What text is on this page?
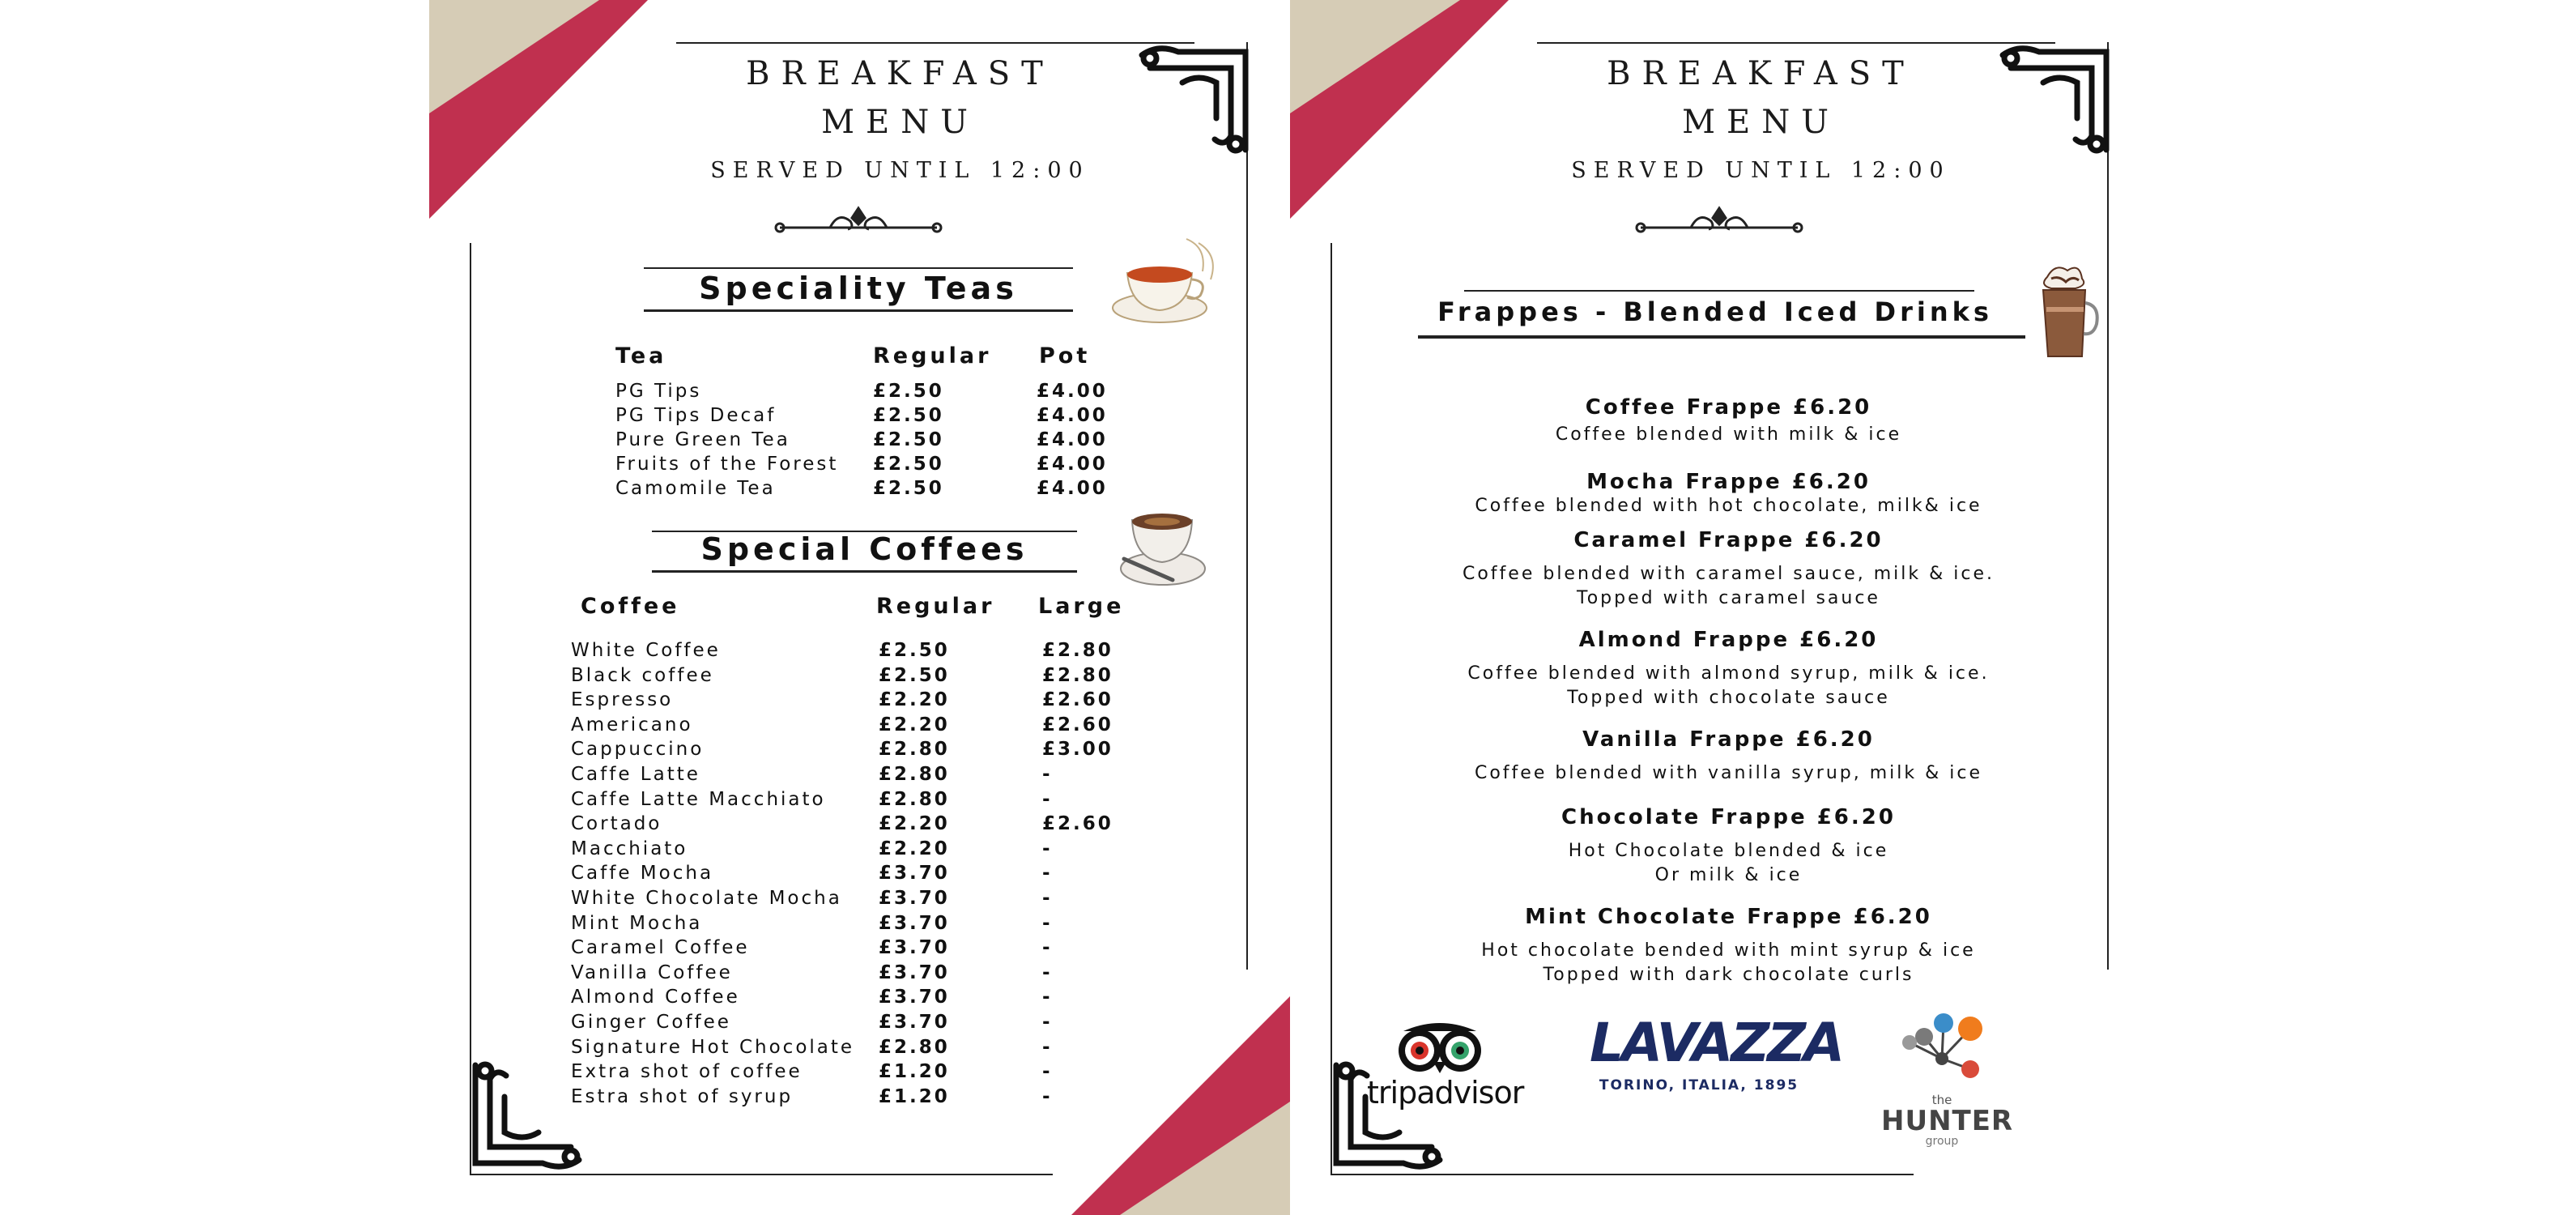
BREAKFAST
MENU
SERVED UNTIL 12:00
Speciality Teas
Tea	Regular Pot
PG Tips	£2.50	£4.00
PG Tips Decaf	£2.50	£4.00
Pure Green Tea	£2.50	£4.00
Fruits of the Forest £2.50	£4.00
Camomile Tea	£2.50	£4.00
Special Coffees
Coffee	Regular Large
White Coffee	£2.50	£2.80
Black coffee	£2.50	£2.80
Espresso	£2.20	£2.60
Americano	£2.20	£2.60
Cappuccino	£2.80	£3.00
Caffe Latte	£2.80	-
Caffe Latte Macchiato	£2.80	-
Cortado	£2.20	£2.60
Macchiato	£2.20	-
Caffe Mocha	£3.70	-
White Chocolate Mocha £3.70	-
Mint Mocha	£3.70	-
Caramel Coffee	£3.70	-
Vanilla Coffee	£3.70	-
Almond Coffee	£3.70	-
Ginger Coffee	£3.70	-
Signature Hot Chocolate £2.80	-
Extra shot of coffee	£1.20	-
Estra shot of syrup	£1.20	-
BREAKFAST
MENU
SERVED UNTIL 12:00
Frappes - Blended Iced Drinks
Coffee Frappe £6.20
Coffee blended with milk & ice
Mocha Frappe £6.20
Coffee blended with hot chocolate, milk& ice
Caramel Frappe £6.20
Coffee blended with caramel sauce, milk & ice.
Topped with caramel sauce
Almond Frappe £6.20
Coffee blended with almond syrup, milk & ice.
Topped with chocolate sauce
Vanilla Frappe £6.20
Coffee blended with vanilla syrup, milk & ice
Chocolate Frappe £6.20
Hot Chocolate blended & ice
Or milk & ice
Mint Chocolate Frappe £6.20
Hot chocolate bended with mint syrup & ice
Topped with dark chocolate curls
tripadvisor
LAVAZZA
TORINO, ITALIA, 1895
the
HUNTER
group
